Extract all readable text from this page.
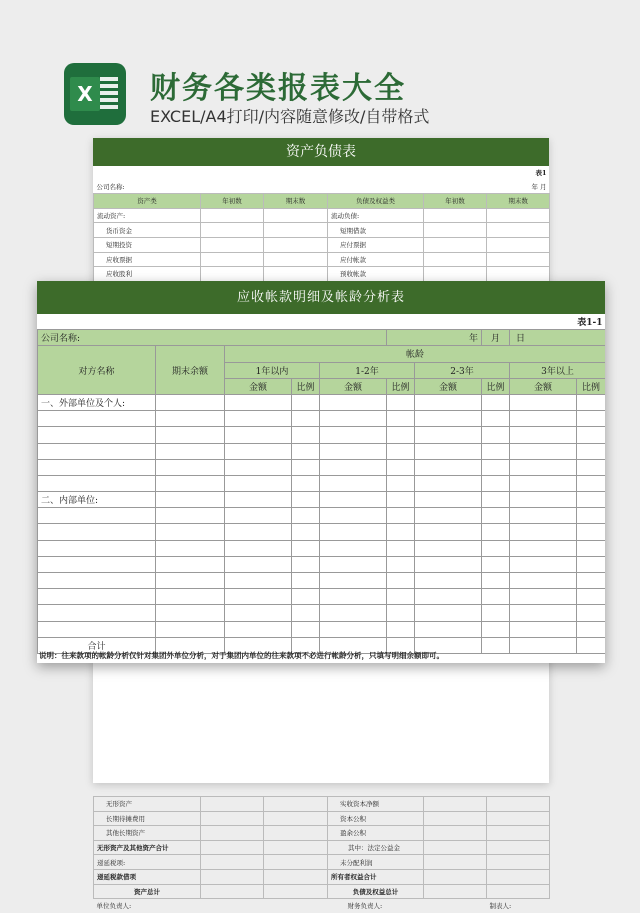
X 财务各类报表大全
EXCEL/A4打印/内容随意修改/自带格式
资产负债表
					表1
公司名称:			年 月		
资产类	年初数	期末数	负债及权益类	年初数	期末数
流动资产:			流动负债:		
货币资金			短期借款		
短期投资			应付票据		
应收票据			应付帐款		
应收股利			预收帐款		
无形资产			实收资本净额		
长期待摊费用			资本公积		
其他长期资产			盈余公积		
无形资产及其他资产合计			其中：法定公益金		
递延税项:			未分配利润		
递延税款借项			所有者权益合计		
资产总计			负债及权益总计		
单位负责人:			财务负责人:		制表人:
应收帐款明细及帐龄分析表
								表1-1	
公司名称:					年		月	日	
对方名称	期末余额	帐龄							
		1年以内		1-2年		2-3年		3年以上	
		金额	比例	金额	比例	金额	比例	金额	比例
一、外部单位及个人:									

二、内部单位:									

合计									
说明：往来款项的帐龄分析仅针对集团外单位分析，对于集团内单位的往来款项不必进行帐龄分析，只填写明细余额即可。
